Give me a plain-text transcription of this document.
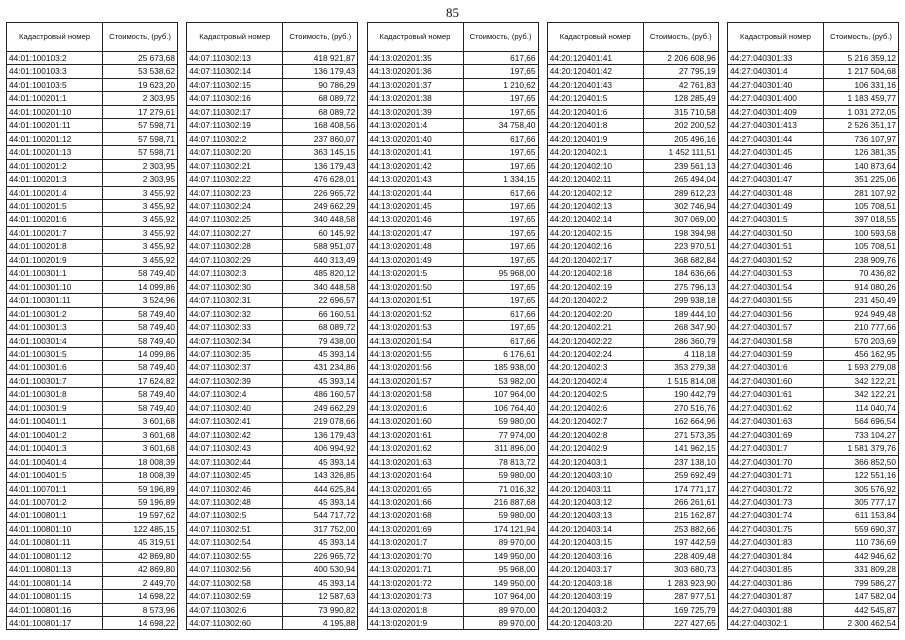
85
Кадастровый номер	Стоимость, (руб.)
44:01:100103:2	25 673,68
44:01:100103:3	53 538,62
44:01:100103:5	19 623,20
44:01:100201:1	2 303,95
44:01:100201:10	17 279,61
44:01:100201:11	57 598,71
44:01:100201:12	57 598,71
44:01:100201:13	57 598,71
44:01:100201:2	2 303,95
44:01:100201:3	2 303,95
44:01:100201:4	3 455,92
44:01:100201:5	3 455,92
44:01:100201:6	3 455,92
44:01:100201:7	3 455,92
44:01:100201:8	3 455,92
44:01:100201:9	3 455,92
44:01:100301:1	58 749,40
44:01:100301:10	14 099,86
44:01:100301:11	3 524,96
44:01:100301:2	58 749,40
44:01:100301:3	58 749,40
44:01:100301:4	58 749,40
44:01:100301:5	14 099,86
44:01:100301:6	58 749,40
44:01:100301:7	17 624,82
44:01:100301:8	58 749,40
44:01:100301:9	58 749,40
44:01:100401:1	3 601,68
44:01:100401:2	3 601,68
44:01:100401:3	3 601,68
44:01:100401:4	18 008,39
44:01:100401:5	18 008,39
44:01:100701:1	59 196,89
44:01:100701:2	59 196,89
44:01:100801:1	19 597,62
44:01:100801:10	122 485,15
44:01:100801:11	45 319,51
44:01:100801:12	42 869,80
44:01:100801:13	42 869,80
44:01:100801:14	2 449,70
44:01:100801:15	14 698,22
44:01:100801:16	8 573,96
44:01:100801:17	14 698,22
Кадастровый номер	Стоимость, (руб.)
44:07:110302:13	418 921,87
44:07:110302:14	136 179,43
44:07:110302:15	90 786,29
44:07:110302:16	68 089,72
44:07:110302:17	68 089,72
44:07:110302:19	168 408,56
44:07:110302:2	237 860,07
44:07:110302:20	363 145,15
44:07:110302:21	136 179,43
44:07:110302:22	476 628,01
44:07:110302:23	226 965,72
44:07:110302:24	249 662,29
44:07:110302:25	340 448,58
44:07:110302:27	60 145,92
44:07:110302:28	588 951,07
44:07:110302:29	440 313,49
44:07:110302:3	485 820,12
44:07:110302:30	340 448,58
44:07:110302:31	22 696,57
44:07:110302:32	66 160,51
44:07:110302:33	68 089,72
44:07:110302:34	79 438,00
44:07:110302:35	45 393,14
44:07:110302:37	431 234,86
44:07:110302:39	45 393,14
44:07:110302:4	486 160,57
44:07:110302:40	249 662,29
44:07:110302:41	219 078,66
44:07:110302:42	136 179,43
44:07:110302:43	406 994,92
44:07:110302:44	45 393,14
44:07:110302:45	143 326,85
44:07:110302:46	444 625,84
44:07:110302:48	45 393,14
44:07:110302:5	544 717,72
44:07:110302:51	317 752,00
44:07:110302:54	45 393,14
44:07:110302:55	226 965,72
44:07:110302:56	400 530,94
44:07:110302:58	45 393,14
44:07:110302:59	12 587,63
44:07:110302:6	73 990,82
44:07:110302:60	4 195,88
Кадастровый номер	Стоимость, (руб.)
44:13:020201:35	617,66
44:13:020201:36	197,65
44:13:020201:37	1 210,62
44:13:020201:38	197,65
44:13:020201:39	197,65
44:13:020201:4	34 758,40
44:13:020201:40	617,66
44:13:020201:41	197,65
44:13:020201:42	197,65
44:13:020201:43	1 334,15
44:13:020201:44	617,66
44:13:020201:45	197,65
44:13:020201:46	197,65
44:13:020201:47	197,65
44:13:020201:48	197,65
44:13:020201:49	197,65
44:13:020201:5	95 968,00
44:13:020201:50	197,65
44:13:020201:51	197,65
44:13:020201:52	617,66
44:13:020201:53	197,65
44:13:020201:54	617,66
44:13:020201:55	6 176,61
44:13:020201:56	185 938,00
44:13:020201:57	53 982,00
44:13:020201:58	107 964,00
44:13:020201:6	106 764,40
44:13:020201:60	59 980,00
44:13:020201:61	77 974,00
44:13:020201:62	311 896,00
44:13:020201:63	78 813,72
44:13:020201:64	59 980,00
44:13:020201:65	71 016,32
44:13:020201:66	216 887,68
44:13:020201:68	59 980,00
44:13:020201:69	174 121,94
44:13:020201:7	89 970,00
44:13:020201:70	149 950,00
44:13:020201:71	95 968,00
44:13:020201:72	149 950,00
44:13:020201:73	107 964,00
44:13:020201:8	89 970,00
44:13:020201:9	89 970,00
Кадастровый номер	Стоимость, (руб.)
44:20:120401:41	2 206 608,96
44:20:120401:42	27 795,19
44:20:120401:43	42 761,83
44:20:120401:5	128 285,49
44:20:120401:6	315 710,58
44:20:120401:8	202 200,52
44:20:120401:9	205 496,16
44:20:120402:1	1 452 111,51
44:20:120402:10	239 561,13
44:20:120402:11	265 494,04
44:20:120402:12	289 612,23
44:20:120402:13	302 746,94
44:20:120402:14	307 069,00
44:20:120402:15	198 394,98
44:20:120402:16	223 970,51
44:20:120402:17	368 682,84
44:20:120402:18	184 636,66
44:20:120402:19	275 796,13
44:20:120402:2	299 938,18
44:20:120402:20	189 444,10
44:20:120402:21	268 347,90
44:20:120402:22	286 360,79
44:20:120402:24	4 118,18
44:20:120402:3	353 279,38
44:20:120402:4	1 515 814,08
44:20:120402:5	190 442,79
44:20:120402:6	270 516,76
44:20:120402:7	162 664,96
44:20:120402:8	271 573,35
44:20:120402:9	141 962,15
44:20:120403:1	237 138,10
44:20:120403:10	259 692,49
44:20:120403:11	174 771,17
44:20:120403:12	266 261,61
44:20:120403:13	215 162,87
44:20:120403:14	253 882,66
44:20:120403:15	197 442,59
44:20:120403:16	228 409,48
44:20:120403:17	303 680,73
44:20:120403:18	1 283 923,90
44:20:120403:19	287 977,51
44:20:120403:2	169 725,79
44:20:120403:20	227 427,65
Кадастровый номер	Стоимость, (руб.)
44:27:040301:33	5 216 359,12
44:27:040301:4	1 217 504,68
44:27:040301:40	106 331,16
44:27:040301:400	1 183 459,77
44:27:040301:409	1 031 272,05
44:27:040301:413	2 526 351,17
44:27:040301:44	736 107,97
44:27:040301:45	126 381,35
44:27:040301:46	140 873,64
44:27:040301:47	351 225,06
44:27:040301:48	281 107,92
44:27:040301:49	105 708,51
44:27:040301:5	397 018,55
44:27:040301:50	100 593,58
44:27:040301:51	105 708,51
44:27:040301:52	238 909,76
44:27:040301:53	70 436,82
44:27:040301:54	914 080,26
44:27:040301:55	231 450,49
44:27:040301:56	924 949,48
44:27:040301:57	210 777,66
44:27:040301:58	570 203,69
44:27:040301:59	456 162,95
44:27:040301:6	1 593 279,08
44:27:040301:60	342 122,21
44:27:040301:61	342 122,21
44:27:040301:62	114 040,74
44:27:040301:63	564 696,54
44:27:040301:69	733 104,27
44:27:040301:7	1 581 379,76
44:27:040301:70	366 852,50
44:27:040301:71	122 551,16
44:27:040301:72	305 576,92
44:27:040301:73	305 777,17
44:27:040301:74	611 153,84
44:27:040301:75	559 690,37
44:27:040301:83	110 736,69
44:27:040301:84	442 946,62
44:27:040301:85	331 809,28
44:27:040301:86	799 586,27
44:27:040301:87	147 582,04
44:27:040301:88	442 545,87
44:27:040302:1	2 300 462,54
